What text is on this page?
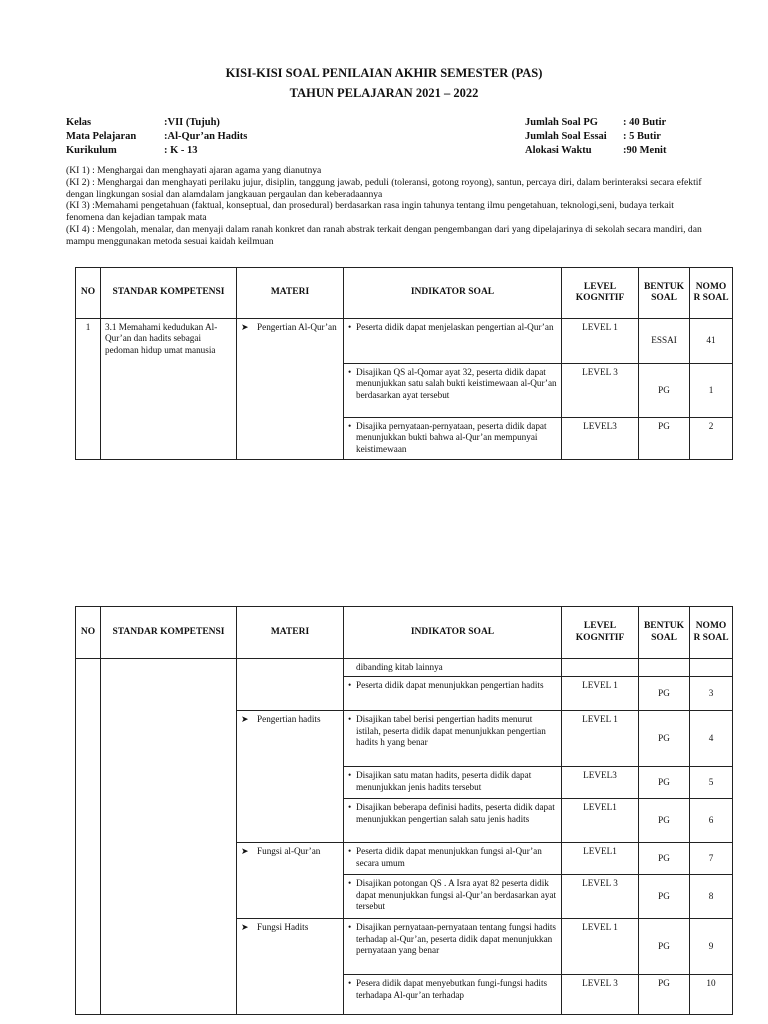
KISI-KISI SOAL PENILAIAN AKHIR SEMESTER (PAS)
TAHUN PELAJARAN 2021 – 2022
Kelas	:VII (Tujuh)
Mata Pelajaran	:Al-Qur’an Hadits
Kurikulum	: K - 13
Jumlah Soal PG	: 40 Butir
Jumlah Soal Essai	: 5 Butir
Alokasi Waktu	:90 Menit

(KI 1) : Menghargai dan menghayati ajaran agama yang dianutnya

(KI 2) : Menghargai dan menghayati perilaku jujur, disiplin, tanggung jawab, peduli (toleransi, gotong royong), santun, percaya diri, dalam berinteraksi secara efektif dengan lingkungan sosial dan alamdalam jangkauan pergaulan dan keberadaannya

(KI 3) :Memahami pengetahuan (faktual, konseptual, dan prosedural) berdasarkan rasa ingin tahunya tentang ilmu pengetahuan, teknologi,seni, budaya terkait fenomena dan kejadian tampak mata

(KI 4) : Mengolah, menalar, dan menyaji dalam ranah konkret dan ranah abstrak terkait dengan pengembangan dari yang dipelajarinya di sekolah secara mandiri, dan mampu menggunakan metoda sesuai kaidah keilmuan

NO	STANDAR KOMPETENSI	MATERI	INDIKATOR SOAL	LEVEL KOGNITIF	BENTUK SOAL	NOMOR SOAL
1	3.1 Memahami kedudukan Al-Qur’an dan hadits sebagai pedoman hidup umat manusia	➤ Pengertian Al-Qur’an	• Peserta didik dapat menjelaskan pengertian al-Qur’an	LEVEL 1	ESSAI	41

			• Disajikan QS al-Qomar ayat 32, peserta didik dapat menunjukkan satu salah bukti keistimewaan al-Qur’an berdasarkan ayat tersebut	LEVEL 3	PG	1

			• Disajika pernyataan-pernyataan, peserta didik dapat menunjukkan bukti bahwa al-Qur’an mempunyai keistimewaan	LEVEL3	PG	2
NO	STANDAR KOMPETENSI	MATERI	INDIKATOR SOAL	LEVEL KOGNITIF	BENTUK SOAL	NOMOR SOAL
			dibanding kitab lainnya			

			• Peserta didik dapat menunjukkan pengertian hadits	LEVEL 1	PG	3

		➤ Pengertian hadits	• Disajikan tabel berisi pengertian hadits menurut istilah, peserta didik dapat menunjukkan pengertian hadits h yang benar	LEVEL 1	PG	4

			• Disajikan satu matan hadits, peserta didik dapat menunjukkan jenis hadits tersebut	LEVEL3	PG	5

			• Disajikan beberapa definisi hadits, peserta didik dapat menunjukkan pengertian salah satu jenis hadits	LEVEL1	PG	6

		➤ Fungsi al-Qur’an	• Peserta didik dapat menunjukkan fungsi al-Qur’an secara umum	LEVEL1	PG	7

			• Disajikan potongan QS . A Isra ayat 82 peserta didik dapat menunjukkan fungsi al-Qur’an berdasarkan ayat tersebut	LEVEL 3	PG	8

		➤ Fungsi Hadits	• Disajikan pernyataan-pernyataan tentang fungsi hadits terhadap al-Qur’an, peserta didik dapat menunjukkan pernyataan yang benar	LEVEL 1	PG	9

			• Pesera didik dapat menyebutkan fungi-fungsi hadits terhadapa Al-qur’an terhadap	LEVEL 3	PG	10
